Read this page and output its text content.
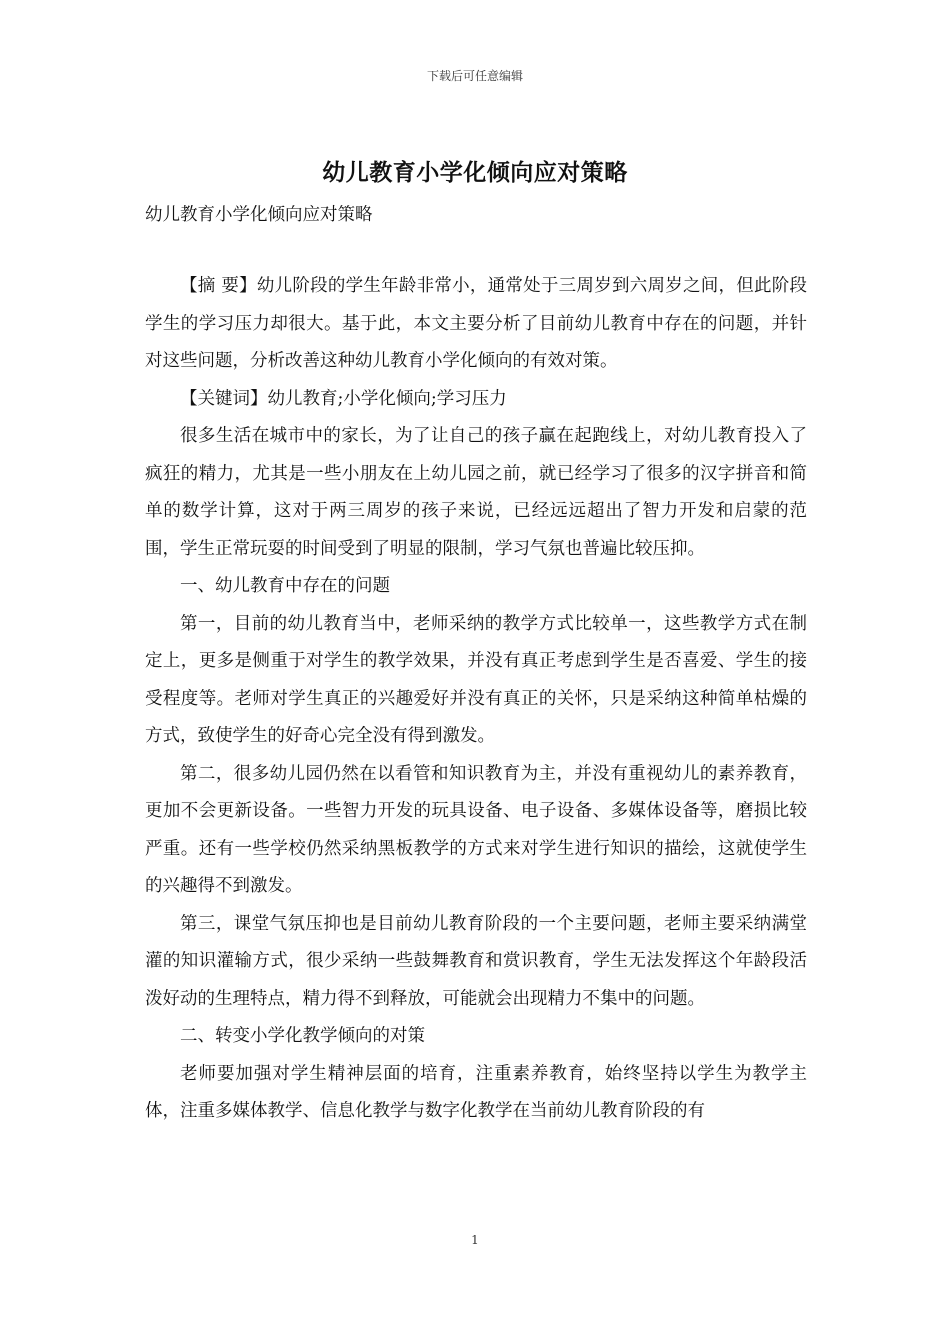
下载后可任意编辑
幼儿教育小学化倾向应对策略
幼儿教育小学化倾向应对策略

【摘 要】幼儿阶段的学生年龄非常小，通常处于三周岁到六周岁之间，但此阶段学生的学习压力却很大。基于此，本文主要分析了目前幼儿教育中存在的问题，并针对这些问题，分析改善这种幼儿教育小学化倾向的有效对策。

【关键词】幼儿教育;小学化倾向;学习压力

很多生活在城市中的家长，为了让自己的孩子赢在起跑线上，对幼儿教育投入了疯狂的精力，尤其是一些小朋友在上幼儿园之前，就已经学习了很多的汉字拼音和简单的数学计算，这对于两三周岁的孩子来说，已经远远超出了智力开发和启蒙的范围，学生正常玩耍的时间受到了明显的限制，学习气氛也普遍比较压抑。

一、幼儿教育中存在的问题

第一，目前的幼儿教育当中，老师采纳的教学方式比较单一，这些教学方式在制定上，更多是侧重于对学生的教学效果，并没有真正考虑到学生是否喜爱、学生的接受程度等。老师对学生真正的兴趣爱好并没有真正的关怀，只是采纳这种简单枯燥的方式，致使学生的好奇心完全没有得到激发。

第二，很多幼儿园仍然在以看管和知识教育为主，并没有重视幼儿的素养教育，更加不会更新设备。一些智力开发的玩具设备、电子设备、多媒体设备等，磨损比较严重。还有一些学校仍然采纳黑板教学的方式来对学生进行知识的描绘，这就使学生的兴趣得不到激发。

第三，课堂气氛压抑也是目前幼儿教育阶段的一个主要问题，老师主要采纳满堂灌的知识灌输方式，很少采纳一些鼓舞教育和赏识教育，学生无法发挥这个年龄段活泼好动的生理特点，精力得不到释放，可能就会出现精力不集中的问题。

二、转变小学化教学倾向的对策

老师要加强对学生精神层面的培育，注重素养教育，始终坚持以学生为教学主体，注重多媒体教学、信息化教学与数字化教学在当前幼儿教育阶段的有

1
